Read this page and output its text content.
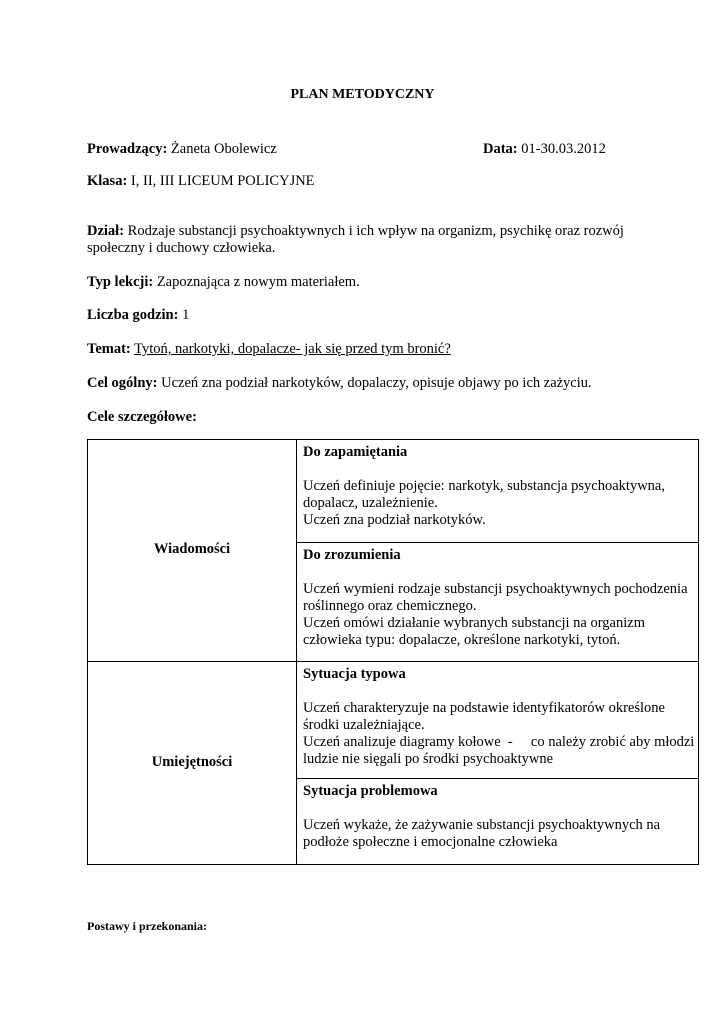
PLAN METODYCZNY
Prowadzący: Żaneta Obolewicz	Data: 01-30.03.2012
Klasa: I, II, III LICEUM POLICYJNE
Dział: Rodzaje substancji psychoaktywnych i ich wpływ na organizm, psychikę oraz rozwój
społeczny i duchowy człowieka.
Typ lekcji: Zapoznająca z nowym materiałem.
Liczba godzin: 1
Temat: Tytoń, narkotyki, dopalacze- jak się przed tym bronić?
Cel ogólny: Uczeń zna podział narkotyków, dopalaczy, opisuje objawy po ich zażyciu.
Cele szczegółowe:
Wiadomości	Do zapamiętania
Uczeń definiuje pojęcie: narkotyk, substancja psychoaktywna,
dopalacz, uzależnienie.
Uczeń zna podział narkotyków.

	Do zrozumienia
Uczeń wymieni rodzaje substancji psychoaktywnych pochodzenia
roślinnego oraz chemicznego.
Uczeń omówi działanie wybranych substancji na organizm
człowieka typu: dopalacze, określone narkotyki, tytoń.

Umiejętności	Sytuacja typowa
Uczeń charakteryzuje na podstawie identyfikatorów określone
środki uzależniające.
Uczeń analizuje diagramy kołowe  -     co należy zrobić aby młodzi
ludzie nie sięgali po środki psychoaktywne

	Sytuacja problemowa
Uczeń wykaże, że zażywanie substancji psychoaktywnych na
podłoże społeczne i emocjonalne człowieka
Postawy i przekonania:
